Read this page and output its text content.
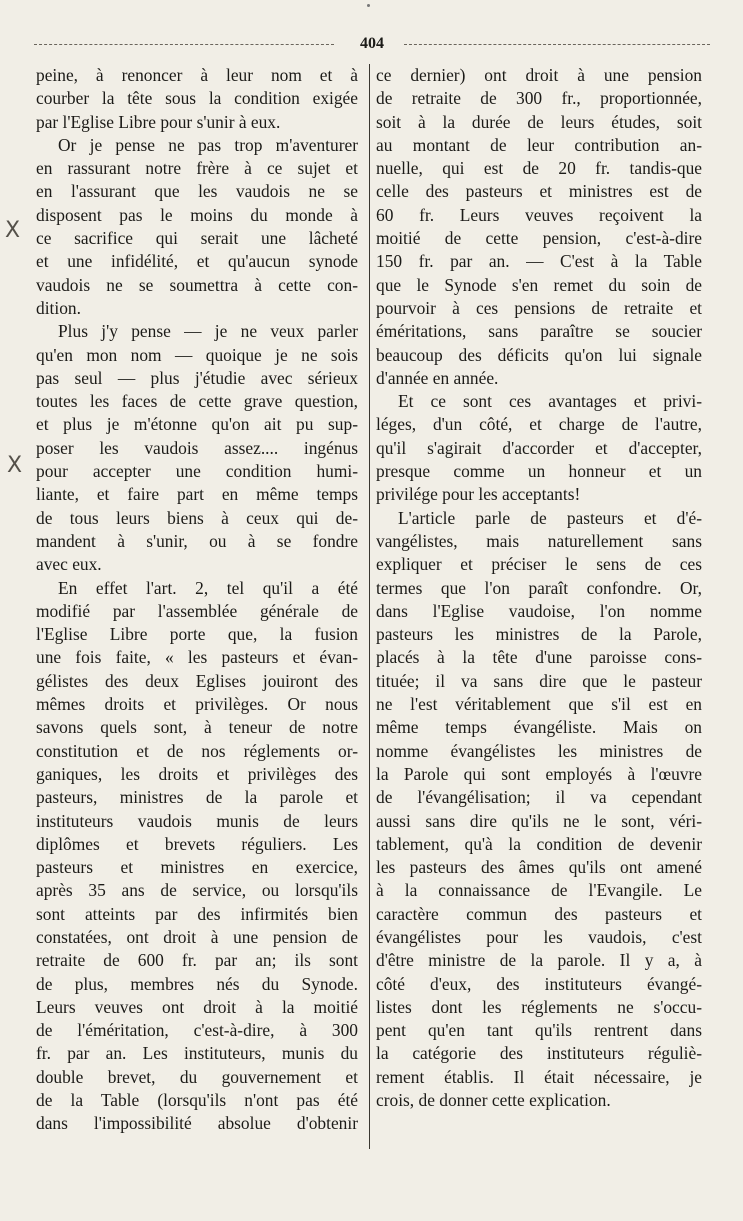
404
X
X
peine, à renoncer à leur nom et à
courber la tête sous la condition exigée
par l'Eglise Libre pour s'unir à eux.
Or je pense ne pas trop m'aventurer
en rassurant notre frère à ce sujet et
en l'assurant que les vaudois ne se
disposent pas le moins du monde à
ce sacrifice qui serait une lâcheté
et une infidélité, et qu'aucun synode
vaudois ne se soumettra à cette con-
dition.
Plus j'y pense — je ne veux parler
qu'en mon nom — quoique je ne sois
pas seul — plus j'étudie avec sérieux
toutes les faces de cette grave question,
et plus je m'étonne qu'on ait pu sup-
poser les vaudois assez.... ingénus
pour accepter une condition humi-
liante, et faire part en même temps
de tous leurs biens à ceux qui de-
mandent à s'unir, ou à se fondre
avec eux.
En effet l'art. 2, tel qu'il a été
modifié par l'assemblée générale de
l'Eglise Libre porte que, la fusion
une fois faite, « les pasteurs et évan-
gélistes des deux Eglises jouiront des
mêmes droits et privilèges. Or nous
savons quels sont, à teneur de notre
constitution et de nos réglements or-
ganiques, les droits et privilèges des
pasteurs, ministres de la parole et
instituteurs vaudois munis de leurs
diplômes et brevets réguliers. Les
pasteurs et ministres en exercice,
après 35 ans de service, ou lorsqu'ils
sont atteints par des infirmités bien
constatées, ont droit à une pension de
retraite de 600 fr. par an; ils sont
de plus, membres nés du Synode.
Leurs veuves ont droit à la moitié
de l'éméritation, c'est-à-dire, à 300
fr. par an. Les instituteurs, munis du
double brevet, du gouvernement et
de la Table (lorsqu'ils n'ont pas été
dans l'impossibilité absolue d'obtenir
ce dernier) ont droit à une pension
de retraite de 300 fr., proportionnée,
soit à la durée de leurs études, soit
au montant de leur contribution an-
nuelle, qui est de 20 fr. tandis-que
celle des pasteurs et ministres est de
60 fr. Leurs veuves reçoivent la
moitié de cette pension, c'est-à-dire
150 fr. par an. — C'est à la Table
que le Synode s'en remet du soin de
pourvoir à ces pensions de retraite et
éméritations, sans paraître se soucier
beaucoup des déficits qu'on lui signale
d'année en année.
Et ce sont ces avantages et privi-
léges, d'un côté, et charge de l'autre,
qu'il s'agirait d'accorder et d'accepter,
presque comme un honneur et un
privilége pour les acceptants!
L'article parle de pasteurs et d'é-
vangélistes, mais naturellement sans
expliquer et préciser le sens de ces
termes que l'on paraît confondre. Or,
dans l'Eglise vaudoise, l'on nomme
pasteurs les ministres de la Parole,
placés à la tête d'une paroisse cons-
tituée; il va sans dire que le pasteur
ne l'est véritablement que s'il est en
même temps évangéliste. Mais on
nomme évangélistes les ministres de
la Parole qui sont employés à l'œuvre
de l'évangélisation; il va cependant
aussi sans dire qu'ils ne le sont, véri-
tablement, qu'à la condition de devenir
les pasteurs des âmes qu'ils ont amené
à la connaissance de l'Evangile. Le
caractère commun des pasteurs et
évangélistes pour les vaudois, c'est
d'être ministre de la parole. Il y a, à
côté d'eux, des instituteurs évangé-
listes dont les réglements ne s'occu-
pent qu'en tant qu'ils rentrent dans
la catégorie des instituteurs réguliè-
rement établis. Il était nécessaire, je
crois, de donner cette explication.
